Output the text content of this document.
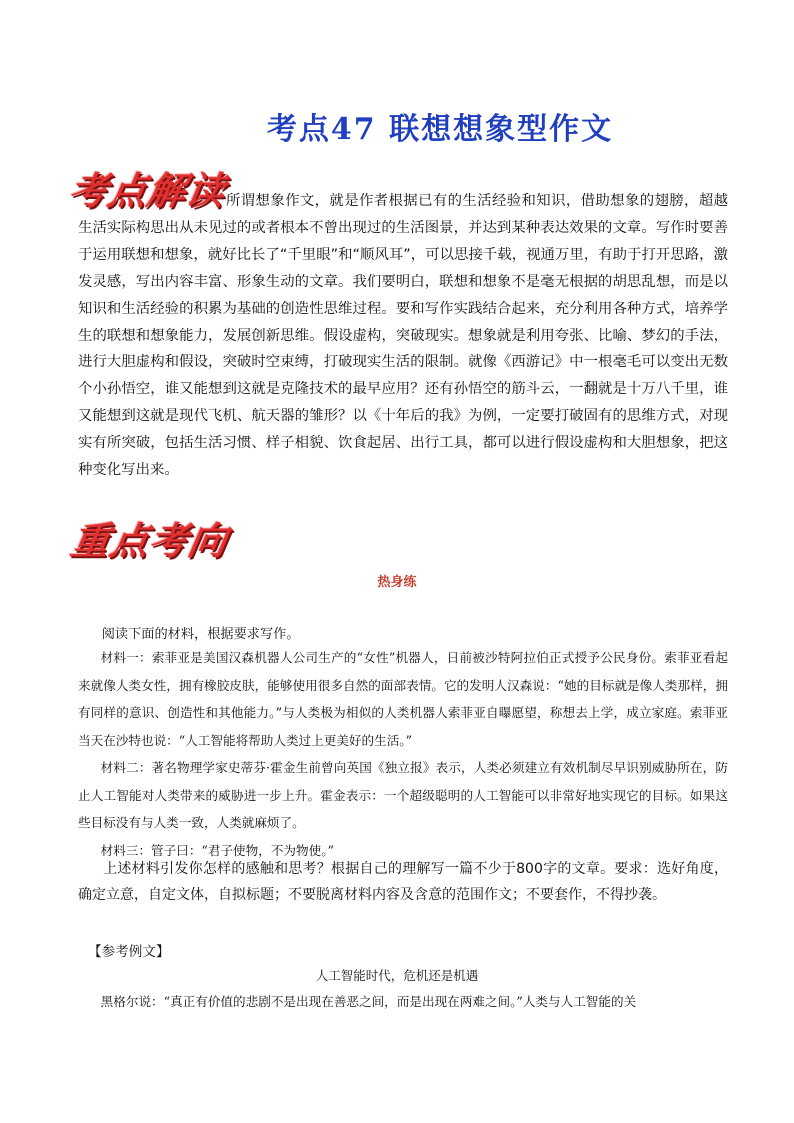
考点47 联想想象型作文
考点解读

所谓想象作文，就是作者根据已有的生活经验和知识，借助想象的翅膀，超越生活实际构思出从未见过的或者根本不曾出现过的生活图景，并达到某种表达效果的文章。写作时要善于运用联想和想象，就好比长了“千里眼”和“顺风耳”，可以思接千载，视通万里，有助于打开思路，激发灵感，写出内容丰富、形象生动的文章。我们要明白，联想和想象不是毫无根据的胡思乱想，而是以知识和生活经验的积累为基础的创造性思维过程。要和写作实践结合起来，充分利用各种方式，培养学生的联想和想象能力，发展创新思维。假设虚构，突破现实。想象就是利用夸张、比喻、梦幻的手法，进行大胆虚构和假设，突破时空束缚，打破现实生活的限制。就像《西游记》中一根毫毛可以变出无数个小孙悟空，谁又能想到这就是克隆技术的最早应用？还有孙悟空的筋斗云，一翻就是十万八千里，谁又能想到这就是现代飞机、航天器的雏形？以《十年后的我》为例，一定要打破固有的思维方式，对现实有所突破，包括生活习惯、样子相貌、饮食起居、出行工具，都可以进行假设虚构和大胆想象，把这种变化写出来。

重点考向
热身练

阅读下面的材料，根据要求写作。

材料一：索菲亚是美国汉森机器人公司生产的“女性”机器人，日前被沙特阿拉伯正式授予公民身份。索菲亚看起来就像人类女性，拥有橡胶皮肤，能够使用很多自然的面部表情。它的发明人汉森说：“她的目标就是像人类那样，拥有同样的意识、创造性和其他能力。”与人类极为相似的人类机器人索菲亚自曝愿望，称想去上学，成立家庭。索菲亚当天在沙特也说：“人工智能将帮助人类过上更美好的生活。”

材料二：著名物理学家史蒂芬·霍金生前曾向英国《独立报》表示，人类必须建立有效机制尽早识别威胁所在，防止人工智能对人类带来的威胁进一步上升。霍金表示：一个超级聪明的人工智能可以非常好地实现它的目标。如果这些目标没有与人类一致，人类就麻烦了。

材料三：管子曰：“君子使物，不为物使。”

上述材料引发你怎样的感触和思考？根据自己的理解写一篇不少于800字的文章。要求：选好角度，确定立意，自定文体，自拟标题；不要脱离材料内容及含意的范围作文；不要套作，不得抄袭。

【参考例文】
人工智能时代，危机还是机遇

黑格尔说：“真正有价值的悲剧不是出现在善恶之间，而是出现在两难之间。”人类与人工智能的关
